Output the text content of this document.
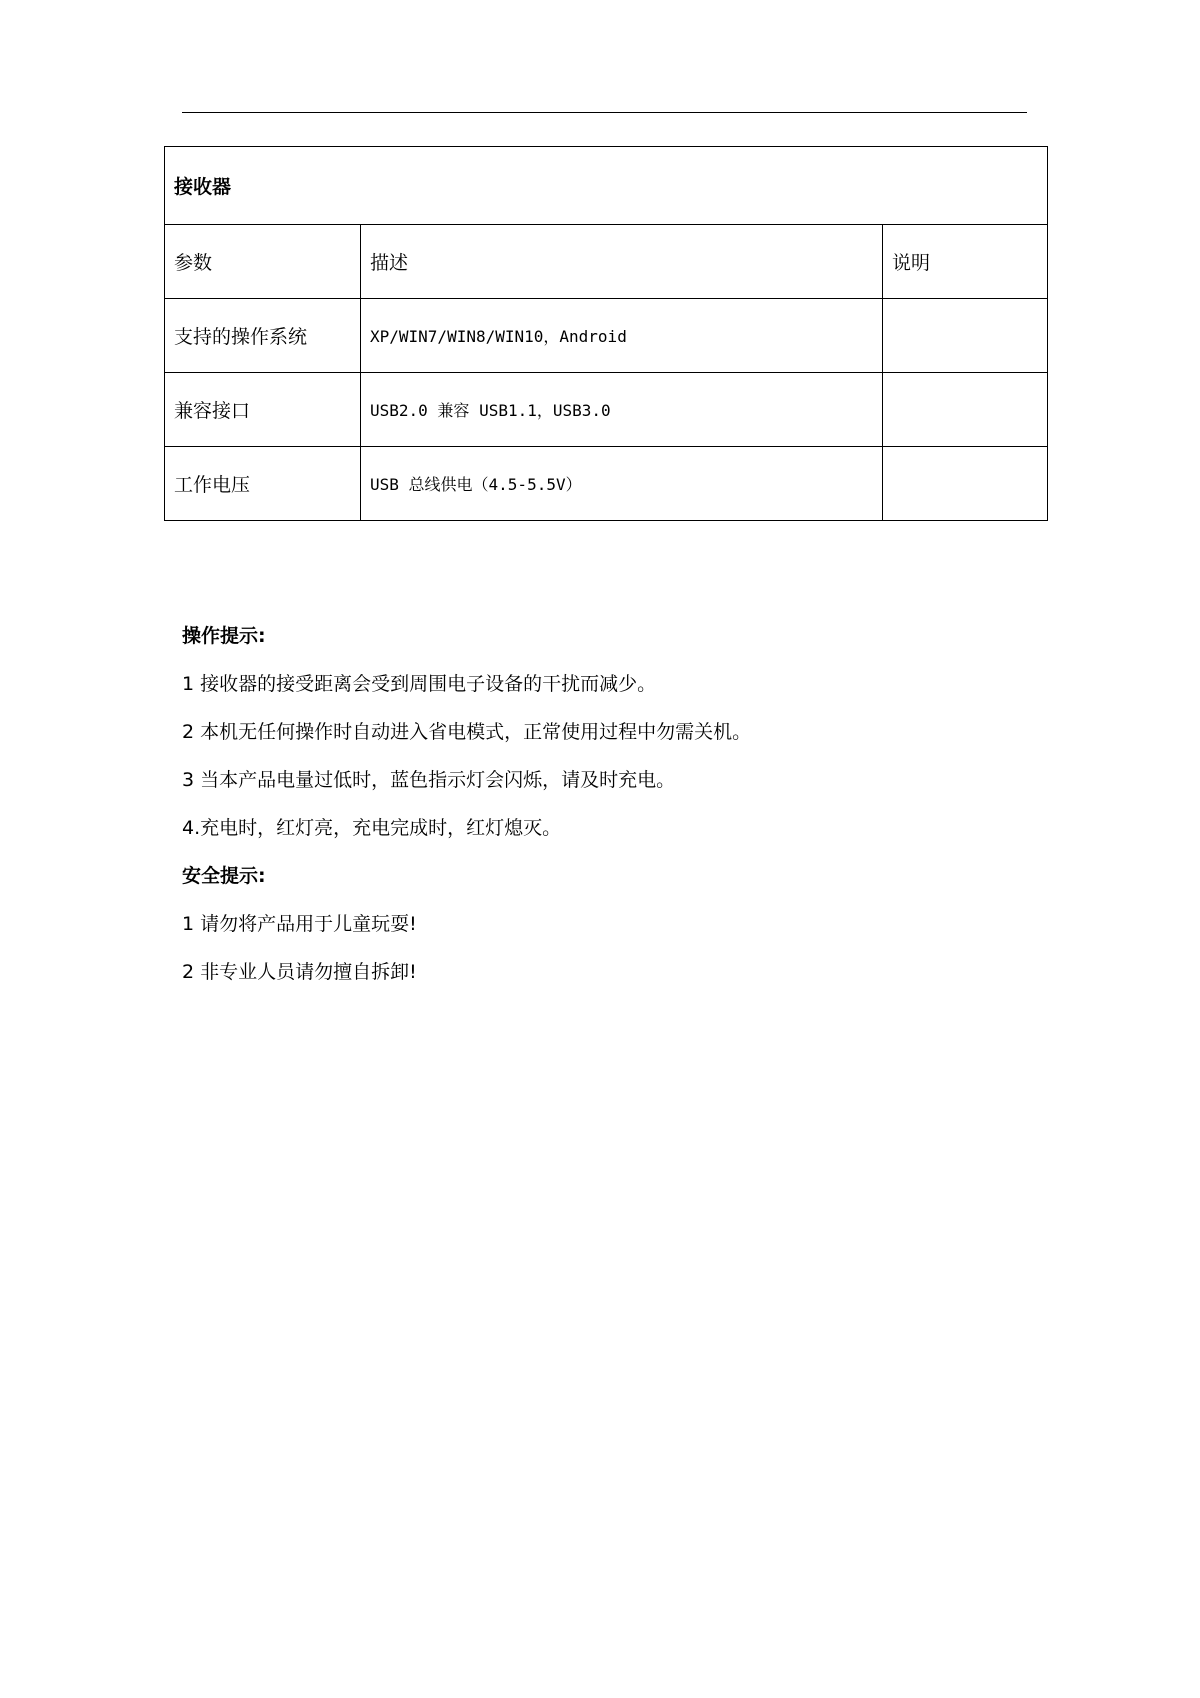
接收器		
参数	描述	说明
支持的操作系统	XP/WIN7/WIN8/WIN10，Android	
兼容接口	USB2.0 兼容 USB1.1，USB3.0	
工作电压	USB 总线供电（4.5-5.5V）	
操作提示:
1 接收器的接受距离会受到周围电子设备的干扰而减少。
2 本机无任何操作时自动进入省电模式，正常使用过程中勿需关机。
3 当本产品电量过低时，蓝色指示灯会闪烁，请及时充电。
4.充电时，红灯亮，充电完成时，红灯熄灭。
安全提示:
1 请勿将产品用于儿童玩耍!
2 非专业人员请勿擅自拆卸!
